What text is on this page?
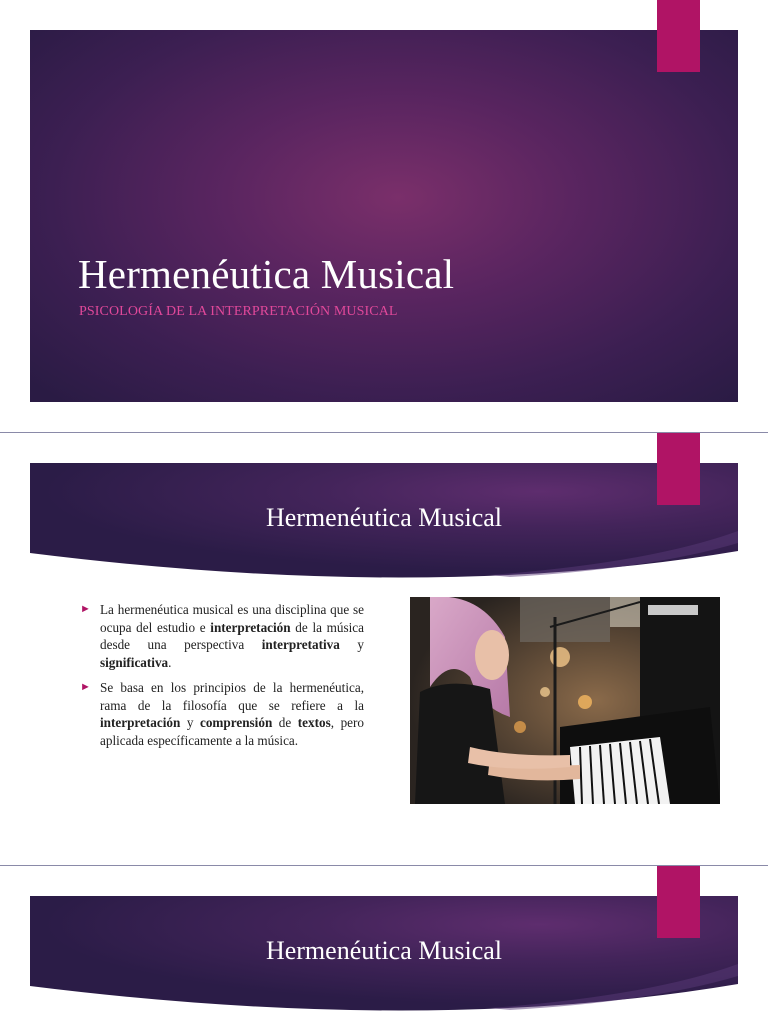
Hermenéutica Musical
PSICOLOGÍA DE LA INTERPRETACIÓN MUSICAL
Hermenéutica Musical
► La hermenéutica musical es una disciplina que se ocupa del estudio e interpretación de la música desde una perspectiva interpretativa y significativa.
► Se basa en los principios de la hermenéutica, rama de la filosofía que se refiere a la interpretación y comprensión de textos, pero aplicada específicamente a la música.
Hermenéutica Musical
